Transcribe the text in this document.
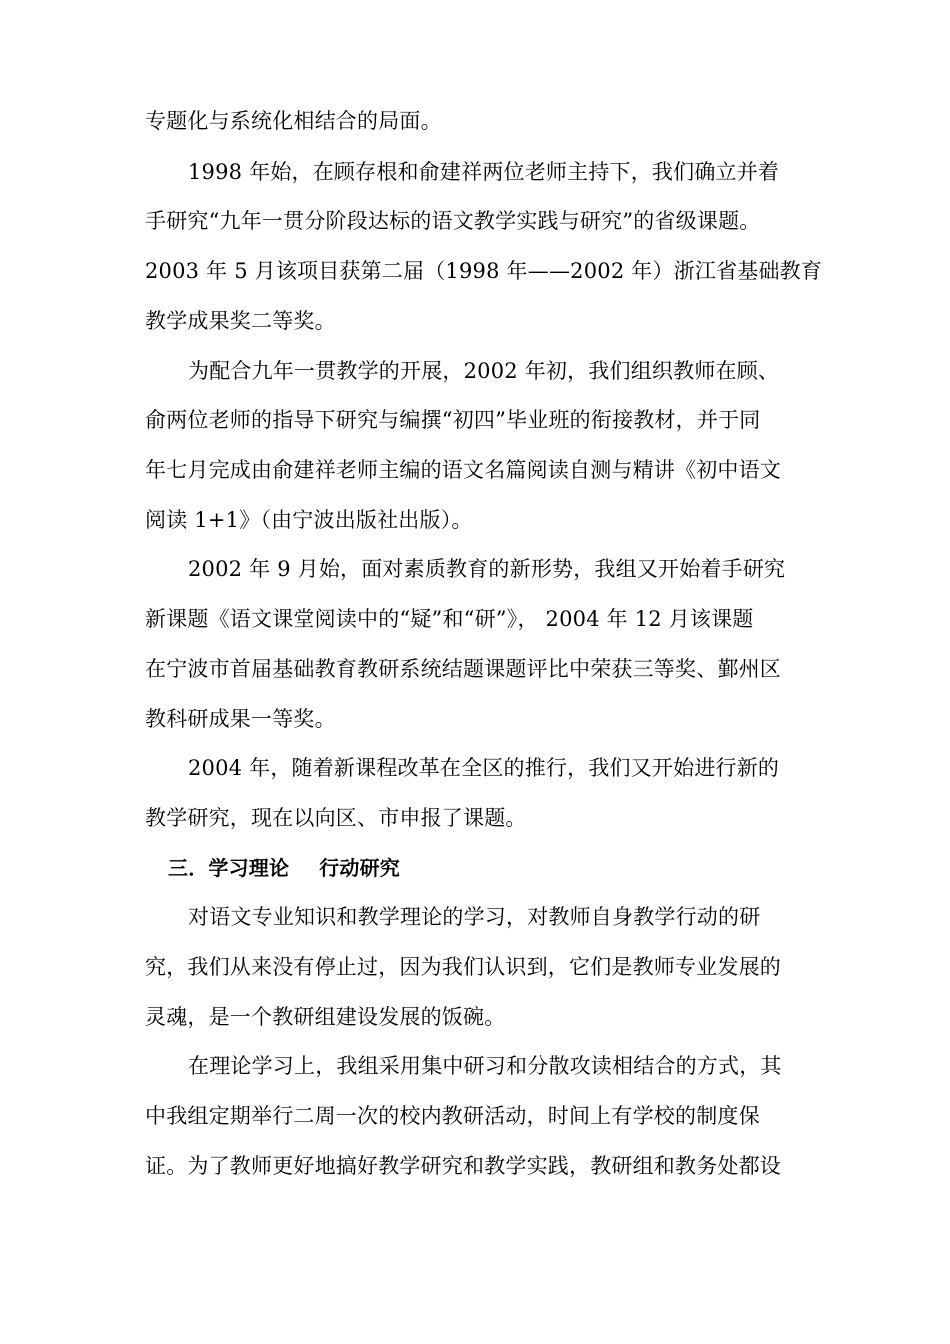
专题化与系统化相结合的局面。
1998 年始，在顾存根和俞建祥两位老师主持下，我们确立并着
手研究“九年一贯分阶段达标的语文教学实践与研究”的省级课题。
2003 年 5 月该项目获第二届（1998 年——2002 年）浙江省基础教育
教学成果奖二等奖。
为配合九年一贯教学的开展，2002 年初，我们组织教师在顾、
俞两位老师的指导下研究与编撰“初四”毕业班的衔接教材，并于同
年七月完成由俞建祥老师主编的语文名篇阅读自测与精讲《初中语文
阅读 1+1》（由宁波出版社出版）。
2002 年 9 月始，面对素质教育的新形势，我组又开始着手研究
新课题《语文课堂阅读中的“疑”和“研”》， 2004 年 12 月该课题
在宁波市首届基础教育教研系统结题课题评比中荣获三等奖、鄞州区
教科研成果一等奖。
2004 年，随着新课程改革在全区的推行，我们又开始进行新的
教学研究，现在以向区、市申报了课题。
三．学习理论 行动研究
对语文专业知识和教学理论的学习，对教师自身教学行动的研
究，我们从来没有停止过，因为我们认识到，它们是教师专业发展的
灵魂，是一个教研组建设发展的饭碗。
在理论学习上，我组采用集中研习和分散攻读相结合的方式，其
中我组定期举行二周一次的校内教研活动，时间上有学校的制度保
证。为了教师更好地搞好教学研究和教学实践，教研组和教务处都设
